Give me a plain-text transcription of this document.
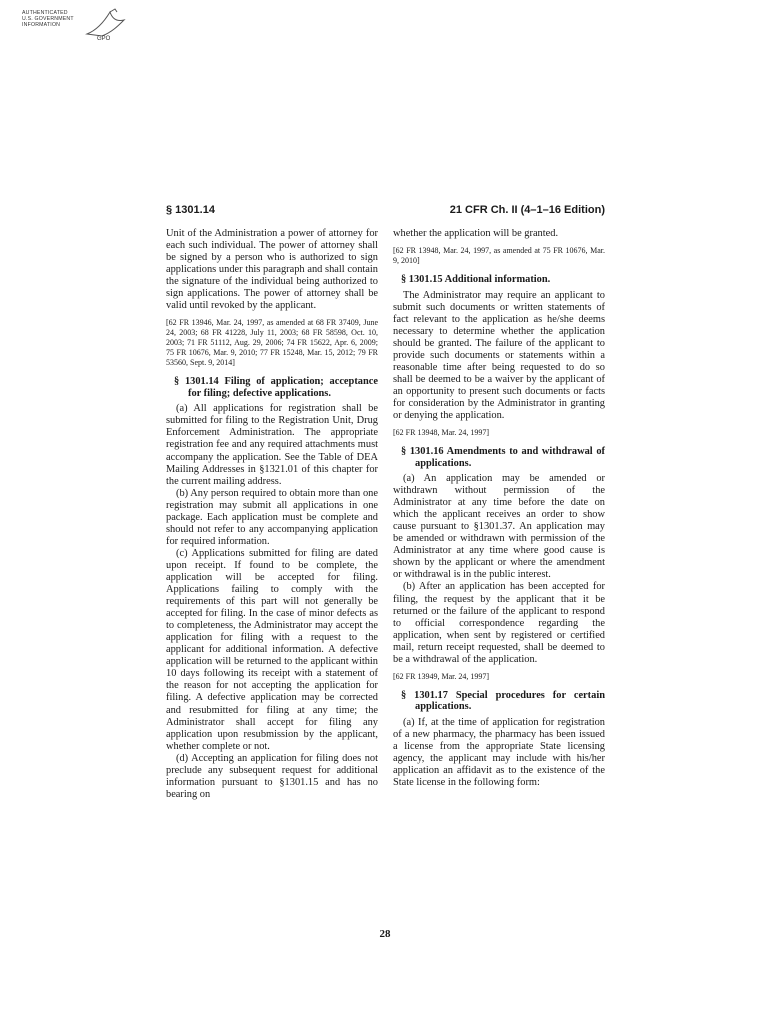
AUTHENTICATED
U.S. GOVERNMENT
INFORMATION
GPO
§ 1301.14	21 CFR Ch. II (4–1–16 Edition)

Unit of the Administration a power of attorney for each such individual. The power of attorney shall be signed by a person who is authorized to sign applications under this paragraph and shall contain the signature of the individual being authorized to sign applications. The power of attorney shall be valid until revoked by the applicant.

[62 FR 13946, Mar. 24, 1997, as amended at 68 FR 37409, June 24, 2003; 68 FR 41228, July 11, 2003; 68 FR 58598, Oct. 10, 2003; 71 FR 51112, Aug. 29, 2006; 74 FR 15622, Apr. 6, 2009; 75 FR 10676, Mar. 9, 2010; 77 FR 15248, Mar. 15, 2012; 79 FR 53560, Sept. 9, 2014]

§ 1301.14 Filing of application; acceptance for filing; defective applications.

(a) All applications for registration shall be submitted for filing to the Registration Unit, Drug Enforcement Administration. The appropriate registration fee and any required attachments must accompany the application. See the Table of DEA Mailing Addresses in §1321.01 of this chapter for the current mailing address.

(b) Any person required to obtain more than one registration may submit all applications in one package. Each application must be complete and should not refer to any accompanying application for required information.

(c) Applications submitted for filing are dated upon receipt. If found to be complete, the application will be accepted for filing. Applications failing to comply with the requirements of this part will not generally be accepted for filing. In the case of minor defects as to completeness, the Administrator may accept the application for filing with a request to the applicant for additional information. A defective application will be returned to the applicant within 10 days following its receipt with a statement of the reason for not accepting the application for filing. A defective application may be corrected and resubmitted for filing at any time; the Administrator shall accept for filing any application upon resubmission by the applicant, whether complete or not.

(d) Accepting an application for filing does not preclude any subsequent request for additional information pursuant to §1301.15 and has no bearing on

whether the application will be granted.

[62 FR 13948, Mar. 24, 1997, as amended at 75 FR 10676, Mar. 9, 2010]

§ 1301.15 Additional information.

The Administrator may require an applicant to submit such documents or written statements of fact relevant to the application as he/she deems necessary to determine whether the application should be granted. The failure of the applicant to provide such documents or statements within a reasonable time after being requested to do so shall be deemed to be a waiver by the applicant of an opportunity to present such documents or facts for consideration by the Administrator in granting or denying the application.

[62 FR 13948, Mar. 24, 1997]

§ 1301.16 Amendments to and withdrawal of applications.

(a) An application may be amended or withdrawn without permission of the Administrator at any time before the date on which the applicant receives an order to show cause pursuant to §1301.37. An application may be amended or withdrawn with permission of the Administrator at any time where good cause is shown by the applicant or where the amendment or withdrawal is in the public interest.

(b) After an application has been accepted for filing, the request by the applicant that it be returned or the failure of the applicant to respond to official correspondence regarding the application, when sent by registered or certified mail, return receipt requested, shall be deemed to be a withdrawal of the application.

[62 FR 13949, Mar. 24, 1997]

§ 1301.17 Special procedures for certain applications.

(a) If, at the time of application for registration of a new pharmacy, the pharmacy has been issued a license from the appropriate State licensing agency, the applicant may include with his/her application an affidavit as to the existence of the State license in the following form:

28
